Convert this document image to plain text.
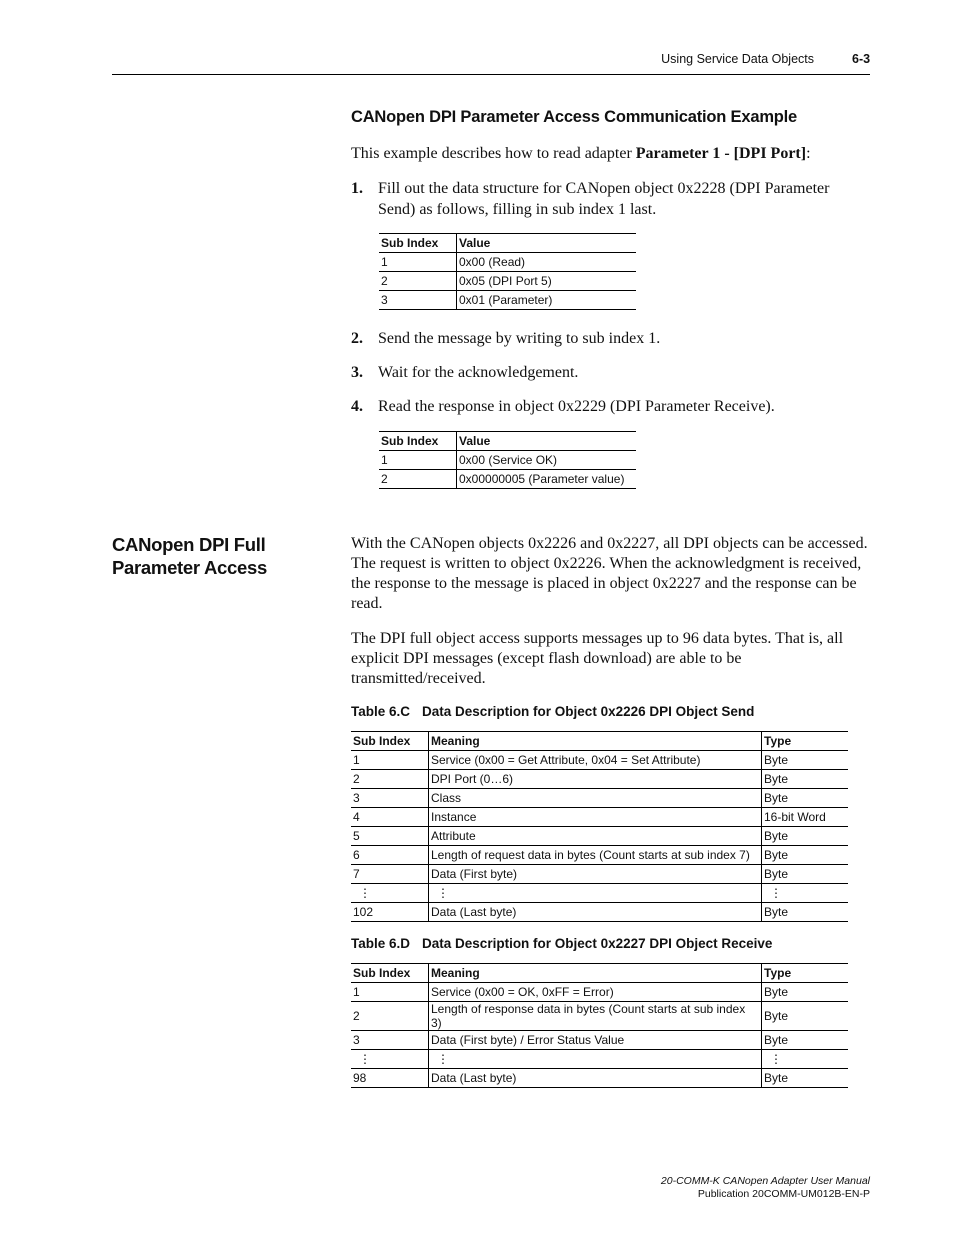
Using Service Data Objects	6-3
CANopen DPI Parameter Access Communication Example
This example describes how to read adapter Parameter 1 - [DPI Port]:
1. Fill out the data structure for CANopen object 0x2228 (DPI Parameter Send) as follows, filling in sub index 1 last.
Sub Index	Value
1	0x00 (Read)
2	0x05 (DPI Port 5)
3	0x01 (Parameter)
2. Send the message by writing to sub index 1.
3. Wait for the acknowledgement.
4. Read the response in object 0x2229 (DPI Parameter Receive).
Sub Index	Value
1	0x00 (Service OK)
2	0x00000005 (Parameter value)
CANopen DPI Full
Parameter Access
With the CANopen objects 0x2226 and 0x2227, all DPI objects can be accessed. The request is written to object 0x2226. When the acknowledgment is received, the response to the message is placed in object 0x2227 and the response can be read.
The DPI full object access supports messages up to 96 data bytes. That is, all explicit DPI messages (except flash download) are able to be transmitted/received.
Table 6.C Data Description for Object 0x2226 DPI Object Send
Sub Index	Meaning	Type
1	Service (0x00 = Get Attribute, 0x04 = Set Attribute)	Byte
2	DPI Port (0…6)	Byte
3	Class	Byte
4	Instance	16-bit Word
5	Attribute	Byte
6	Length of request data in bytes (Count starts at sub index 7)	Byte
7	Data (First byte)	Byte
⋮	⋮	⋮
102	Data (Last byte)	Byte
Table 6.D Data Description for Object 0x2227 DPI Object Receive
Sub Index	Meaning	Type
1	Service (0x00 = OK, 0xFF = Error)	Byte
2	Length of response data in bytes (Count starts at sub index 3)	Byte
3	Data (First byte) / Error Status Value	Byte
⋮	⋮	⋮
98	Data (Last byte)	Byte
20-COMM-K CANopen Adapter User Manual
Publication 20COMM-UM012B-EN-P
